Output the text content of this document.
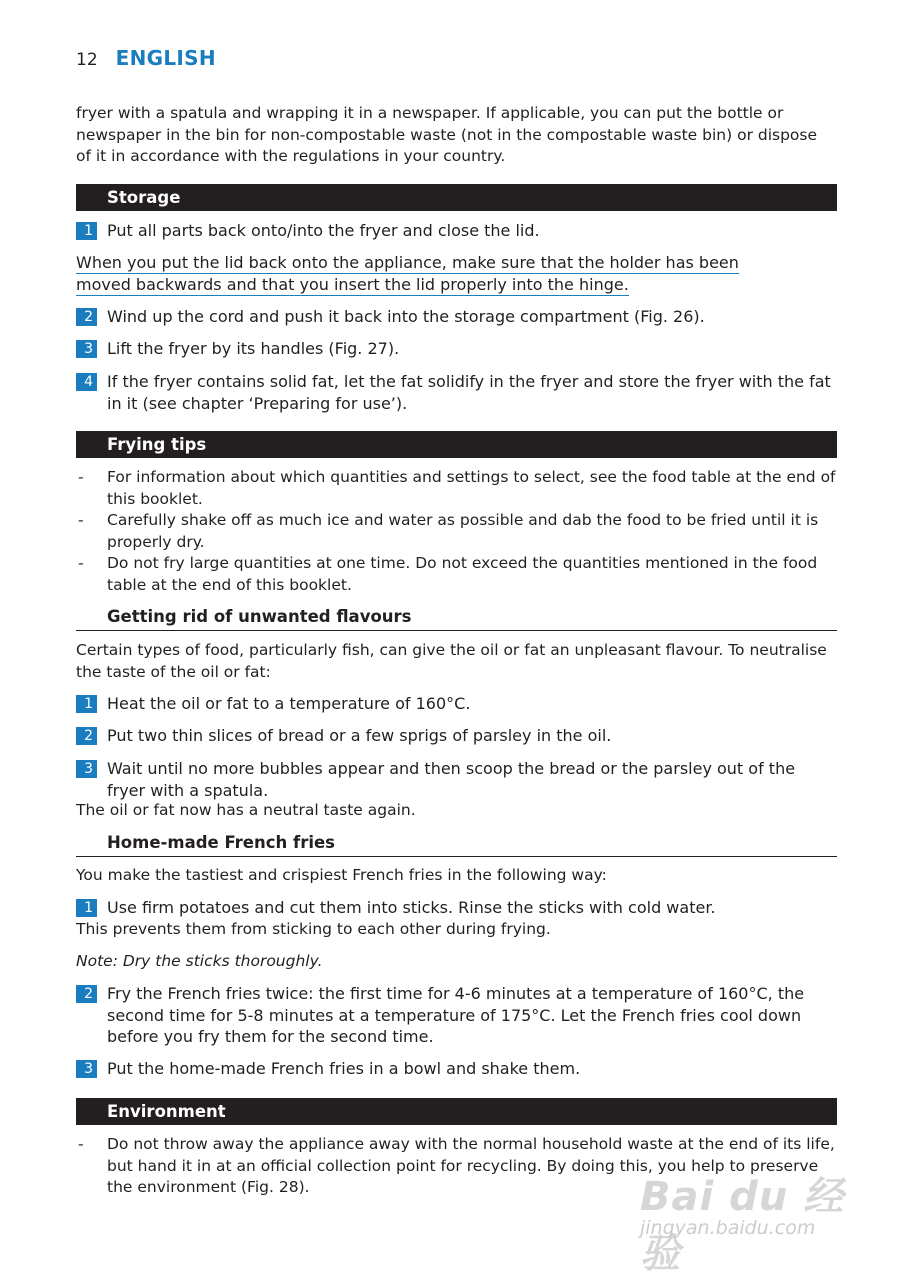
12 ENGLISH
fryer with a spatula and wrapping it in a newspaper. If applicable, you can put the bottle or newspaper in the bin for non-compostable waste (not in the compostable waste bin) or dispose of it in accordance with the regulations in your country.
Storage
1 Put all parts back onto/into the fryer and close the lid.
When you put the lid back onto the appliance, make sure that the holder has been moved backwards and that you insert the lid properly into the hinge.
2 Wind up the cord and push it back into the storage compartment (Fig. 26).
3 Lift the fryer by its handles (Fig. 27).
4 If the fryer contains solid fat, let the fat solidify in the fryer and store the fryer with the fat in it (see chapter ‘Preparing for use’).
Frying tips
- For information about which quantities and settings to select, see the food table at the end of this booklet.
- Carefully shake off as much ice and water as possible and dab the food to be fried until it is properly dry.
- Do not fry large quantities at one time. Do not exceed the quantities mentioned in the food table at the end of this booklet.
Getting rid of unwanted flavours
Certain types of food, particularly fish, can give the oil or fat an unpleasant flavour. To neutralise the taste of the oil or fat:
1 Heat the oil or fat to a temperature of 160°C.
2 Put two thin slices of bread or a few sprigs of parsley in the oil.
3 Wait until no more bubbles appear and then scoop the bread or the parsley out of the fryer with a spatula.
The oil or fat now has a neutral taste again.
Home-made French fries
You make the tastiest and crispiest French fries in the following way:
1 Use firm potatoes and cut them into sticks. Rinse the sticks with cold water.
This prevents them from sticking to each other during frying.
Note: Dry the sticks thoroughly.
2 Fry the French fries twice: the first time for 4-6 minutes at a temperature of 160°C, the second time for 5-8 minutes at a temperature of 175°C. Let the French fries cool down before you fry them for the second time.
3 Put the home-made French fries in a bowl and shake them.
Environment
- Do not throw away the appliance away with the normal household waste at the end of its life, but hand it in at an official collection point for recycling. By doing this, you help to preserve the environment (Fig. 28).	Bai du 经验
jingyan.baidu.com
